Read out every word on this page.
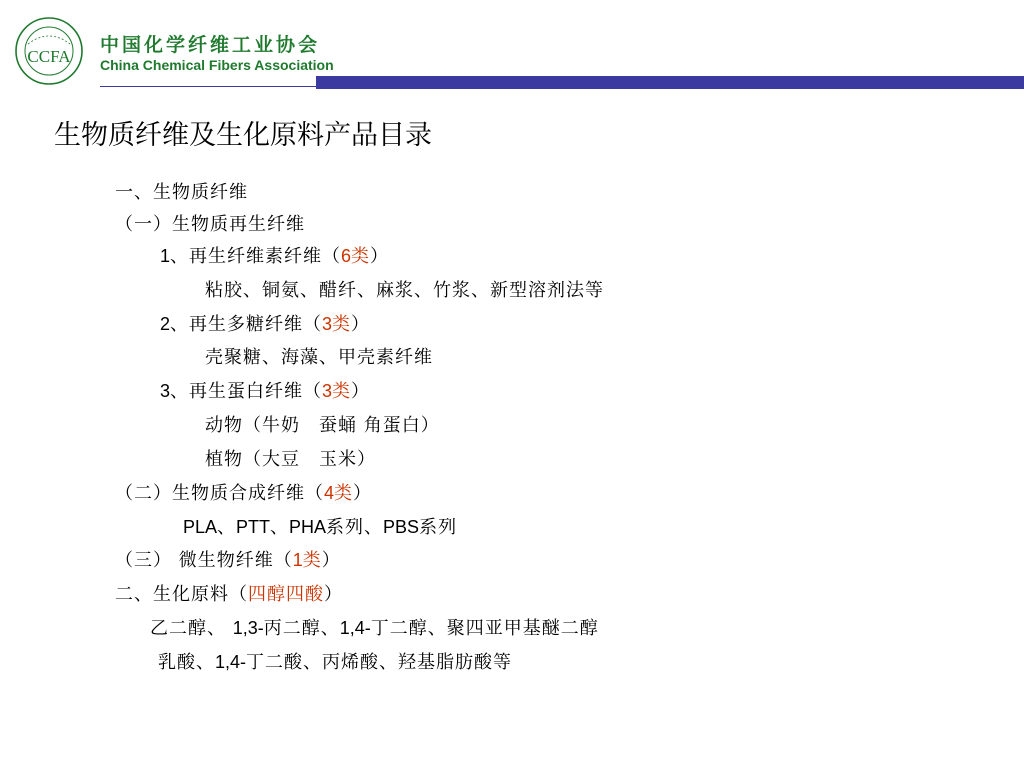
CCFA
中国化学纤维工业协会
China Chemical Fibers Association
生物质纤维及生化原料产品目录
一、生物质纤维
（一）生物质再生纤维
1、再生纤维素纤维（6类）
粘胶、铜氨、醋纤、麻浆、竹浆、新型溶剂法等
2、再生多糖纤维（3类）
壳聚糖、海藻、甲壳素纤维
3、再生蛋白纤维（3类）
动物（牛奶　蚕蛹 角蛋白）
植物（大豆　玉米）
（二）生物质合成纤维（4类）
PLA、PTT、PHA系列、PBS系列
（三） 微生物纤维（1类）
二、生化原料（四醇四酸）
乙二醇、 1,3-丙二醇、1,4-丁二醇、聚四亚甲基醚二醇
乳酸、1,4-丁二酸、丙烯酸、羟基脂肪酸等
